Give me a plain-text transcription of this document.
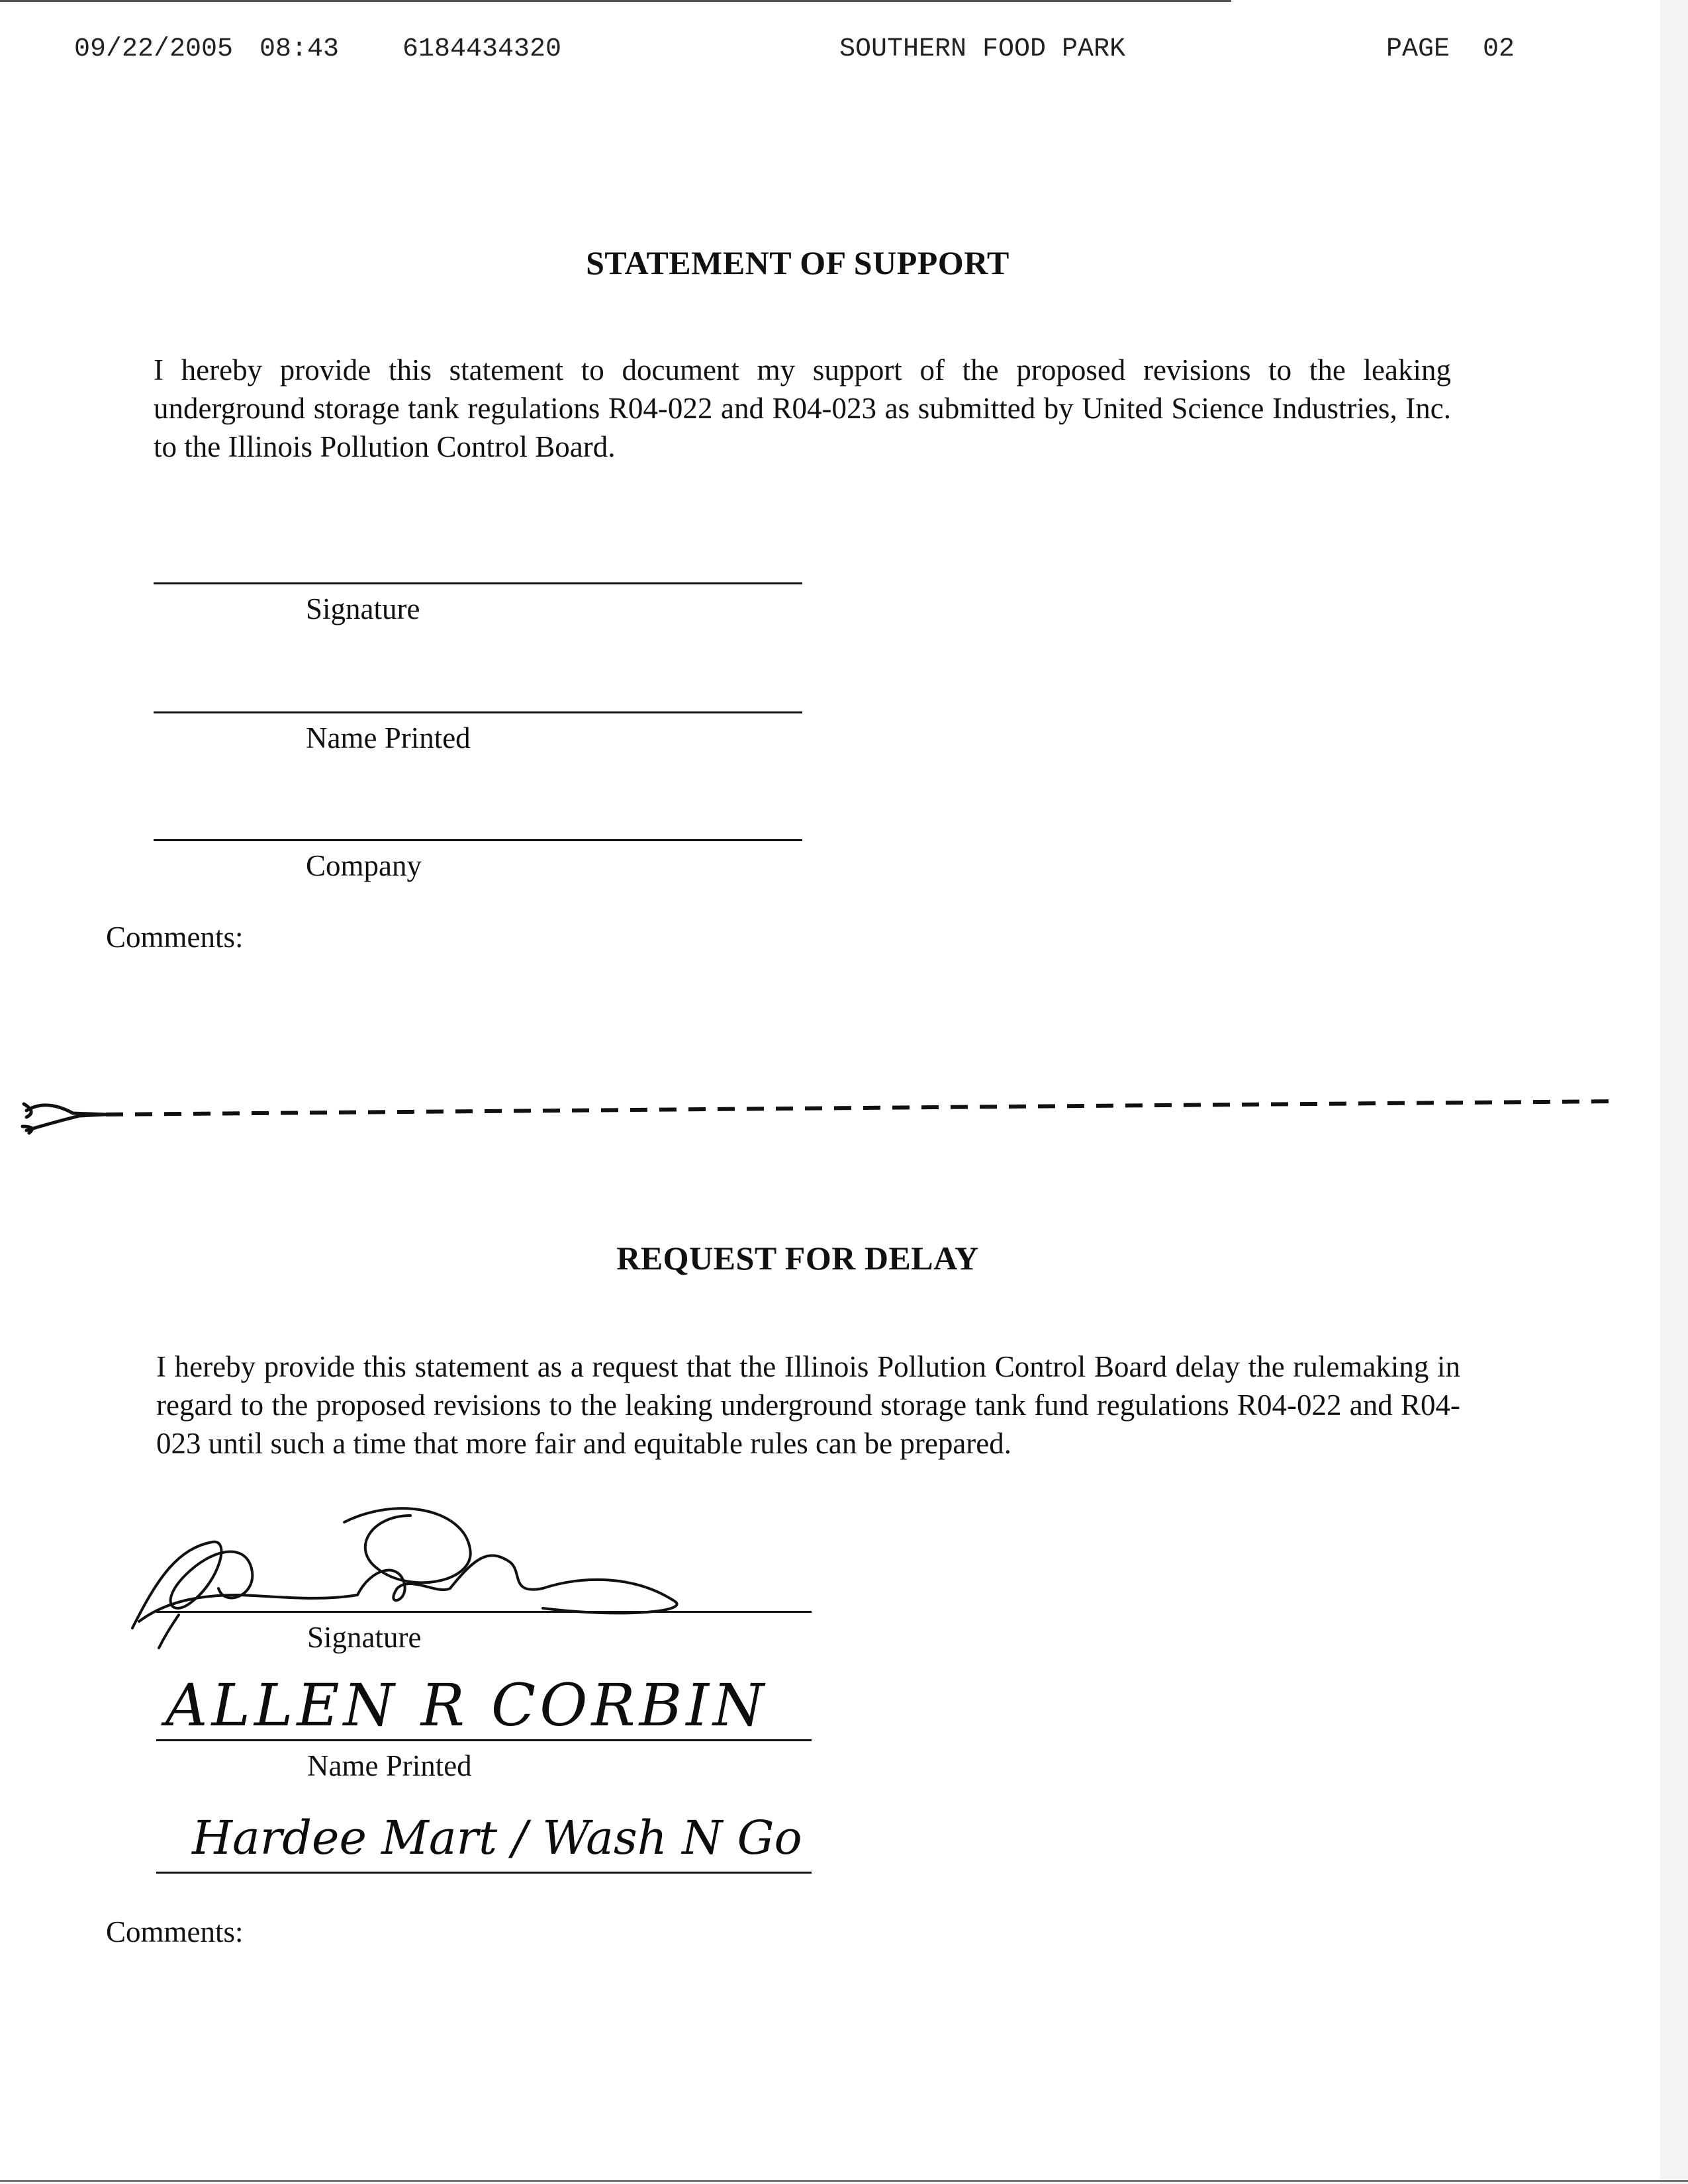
09/22/2005 08:43 6184434320	SOUTHERN FOOD PARK	PAGE 02
STATEMENT OF SUPPORT
I hereby provide this statement to document my support of the proposed revisions to the leaking underground storage tank regulations R04-022 and R04-023 as submitted by United Science Industries, Inc. to the Illinois Pollution Control Board.
Signature
Name Printed
Company
Comments:
REQUEST FOR DELAY
I hereby provide this statement as a request that the Illinois Pollution Control Board delay the rulemaking in regard to the proposed revisions to the leaking underground storage tank fund regulations R04-022 and R04-023 until such a time that more fair and equitable rules can be prepared.
Signature
ALLEN R CORBIN
Name Printed
Hardee Mart / Wash N Go
Comments:
